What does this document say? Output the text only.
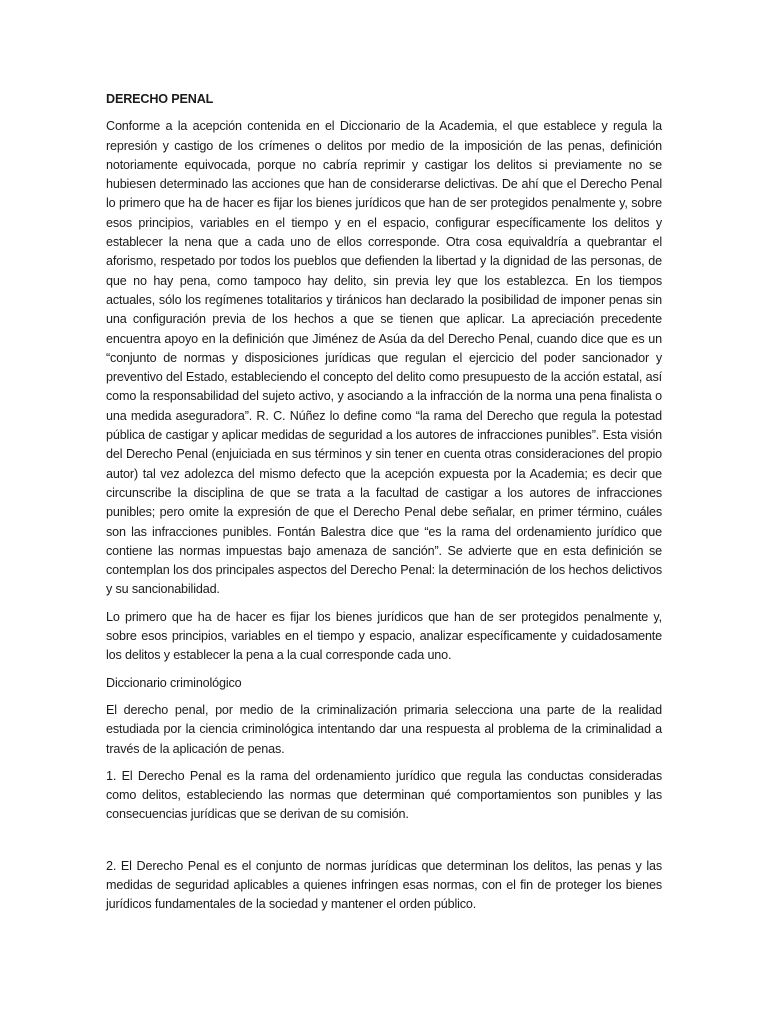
DERECHO PENAL

Conforme a la acepción contenida en el Diccionario de la Academia, el que establece y regula la represión y castigo de los crímenes o delitos por medio de la imposición de las penas, definición notoriamente equivocada, porque no cabría reprimir y castigar los delitos si previamente no se hubiesen determinado las acciones que han de considerarse delictivas. De ahí que el Derecho Penal lo primero que ha de hacer es fijar los bienes jurídicos que han de ser protegidos penalmente y, sobre esos principios, variables en el tiempo y en el espacio, configurar específicamente los delitos y establecer la nena que a cada uno de ellos corresponde. Otra cosa equivaldría a quebrantar el aforismo, respetado por todos los pueblos que defienden la libertad y la dignidad de las personas, de que no hay pena, como tampoco hay delito, sin previa ley que los establezca. En los tiempos actuales, sólo los regímenes totalitarios y tiránicos han declarado la posibilidad de imponer penas sin una configuración previa de los hechos a que se tienen que aplicar. La apreciación precedente encuentra apoyo en la definición que Jiménez de Asúa da del Derecho Penal, cuando dice que es un “conjunto de normas y disposiciones jurídicas que regulan el ejercicio del poder sancionador y preventivo del Estado, estableciendo el concepto del delito como presupuesto de la acción estatal, así como la responsabilidad del sujeto activo, y asociando a la infracción de la norma una pena finalista o una medida aseguradora”. R. C. Núñez lo define como “la rama del Derecho que regula la potestad pública de castigar y aplicar medidas de seguridad a los autores de infracciones punibles”. Esta visión del Derecho Penal (enjuiciada en sus términos y sin tener en cuenta otras consideraciones del propio autor) tal vez adolezca del mismo defecto que la acepción expuesta por la Academia; es decir que circunscribe la disciplina de que se trata a la facultad de castigar a los autores de infracciones punibles; pero omite la expresión de que el Derecho Penal debe señalar, en primer término, cuáles son las infracciones punibles. Fontán Balestra dice que “es la rama del ordenamiento jurídico que contiene las normas impuestas bajo amenaza de sanción”. Se advierte que en esta definición se contemplan los dos principales aspectos del Derecho Penal: la determinación de los hechos delictivos y su sancionabilidad.

Lo primero que ha de hacer es fijar los bienes jurídicos que han de ser protegidos penalmente y, sobre esos principios, variables en el tiempo y espacio, analizar específicamente y cuidadosamente los delitos y establecer la pena a la cual corresponde cada uno.

Diccionario criminológico

El derecho penal, por medio de la criminalización primaria selecciona una parte de la realidad estudiada por la ciencia criminológica intentando dar una respuesta al problema de la criminalidad a través de la aplicación de penas.

1. El Derecho Penal es la rama del ordenamiento jurídico que regula las conductas consideradas como delitos, estableciendo las normas que determinan qué comportamientos son punibles y las consecuencias jurídicas que se derivan de su comisión.

2. El Derecho Penal es el conjunto de normas jurídicas que determinan los delitos, las penas y las medidas de seguridad aplicables a quienes infringen esas normas, con el fin de proteger los bienes jurídicos fundamentales de la sociedad y mantener el orden público.
